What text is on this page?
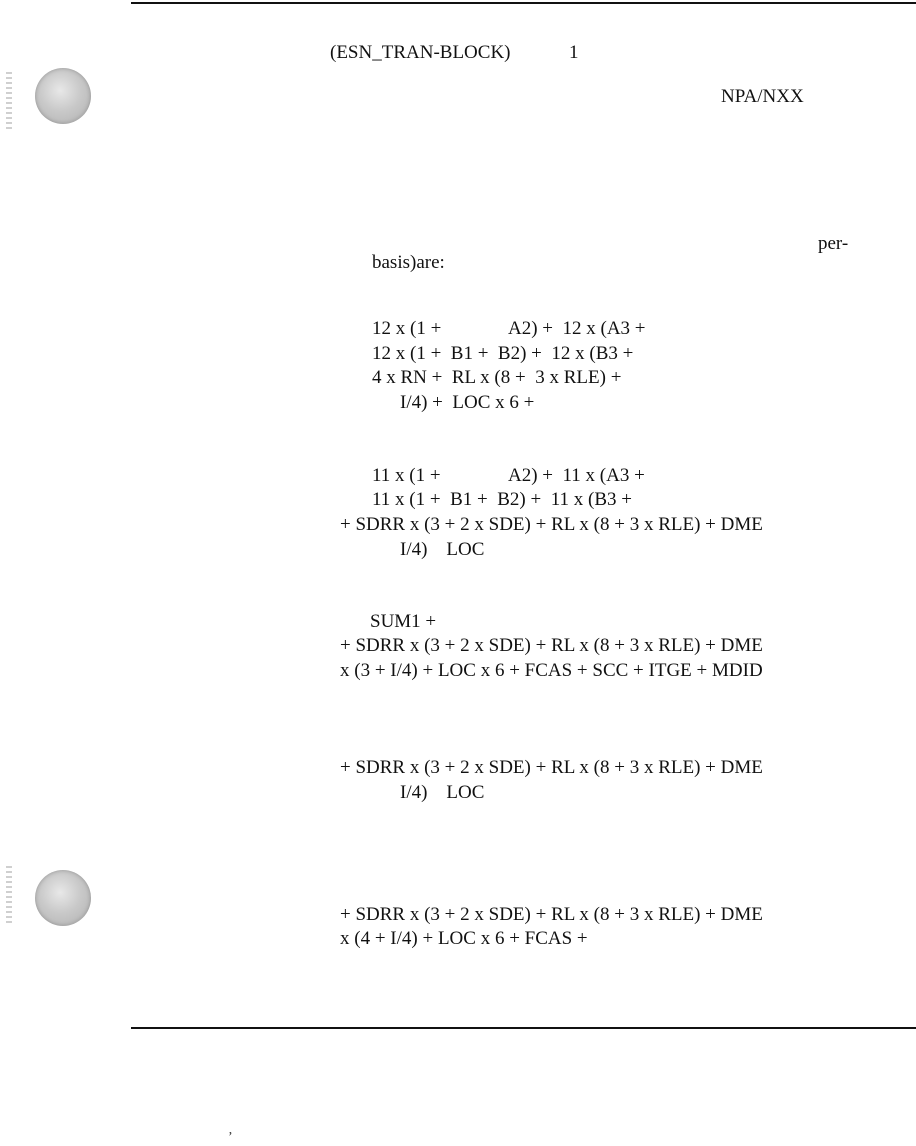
(ESN_TRAN-BLOCK)	1
NPA/NXX
per-
basis)are:
12 x (1 +	A2) +  12 x (A3 +
12 x (1 +  B1 +  B2) +  12 x (B3 +
4 x RN +  RL x (8 +  3 x RLE) +
I/4) +  LOC x 6 +
11 x (1 +	A2) +  11 x (A3 +
11 x (1 +  B1 +  B2) +  11 x (B3 +
+ SDRR x (3 + 2 x SDE) + RL x (8 + 3 x RLE) + DME
I/4)    LOC
SUM1 +
+ SDRR x (3 + 2 x SDE) + RL x (8 + 3 x RLE) + DME
x (3 + I/4) + LOC x 6 + FCAS + SCC + ITGE + MDID
+ SDRR x (3 + 2 x SDE) + RL x (8 + 3 x RLE) + DME
I/4)    LOC
+ SDRR x (3 + 2 x SDE) + RL x (8 + 3 x RLE) + DME
x (4 + I/4) + LOC x 6 + FCAS +
ʼ
